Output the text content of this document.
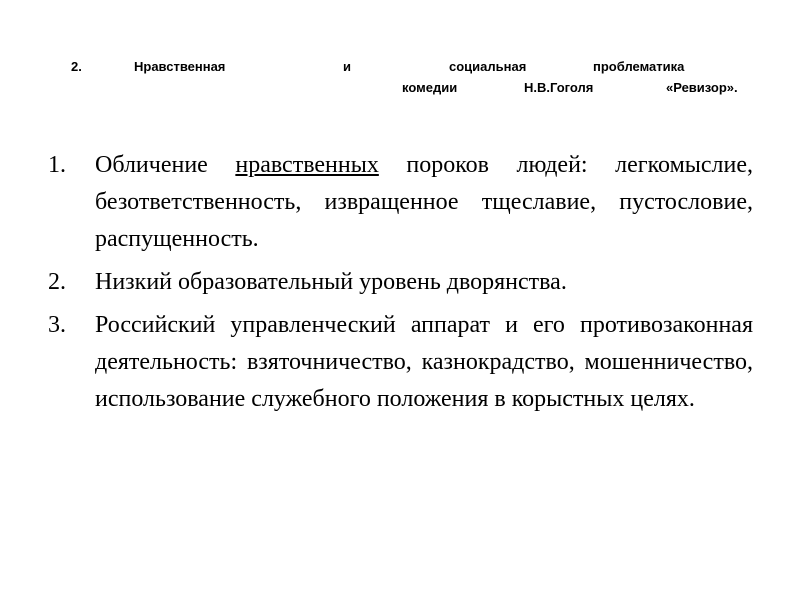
2.	Нравственная	и	социальная	проблематика
комедии	Н.В.Гоголя	«Ревизор».
1. Обличение нравственных пороков людей: легкомыслие, безответственность, извращенное тщеславие, пустословие, распущенность.
2. Низкий образовательный уровень дворянства.
3. Российский управленческий аппарат и его противозаконная деятельность: взяточничество, казнокрадство, мошенничество, использование служебного положения в корыстных целях.
